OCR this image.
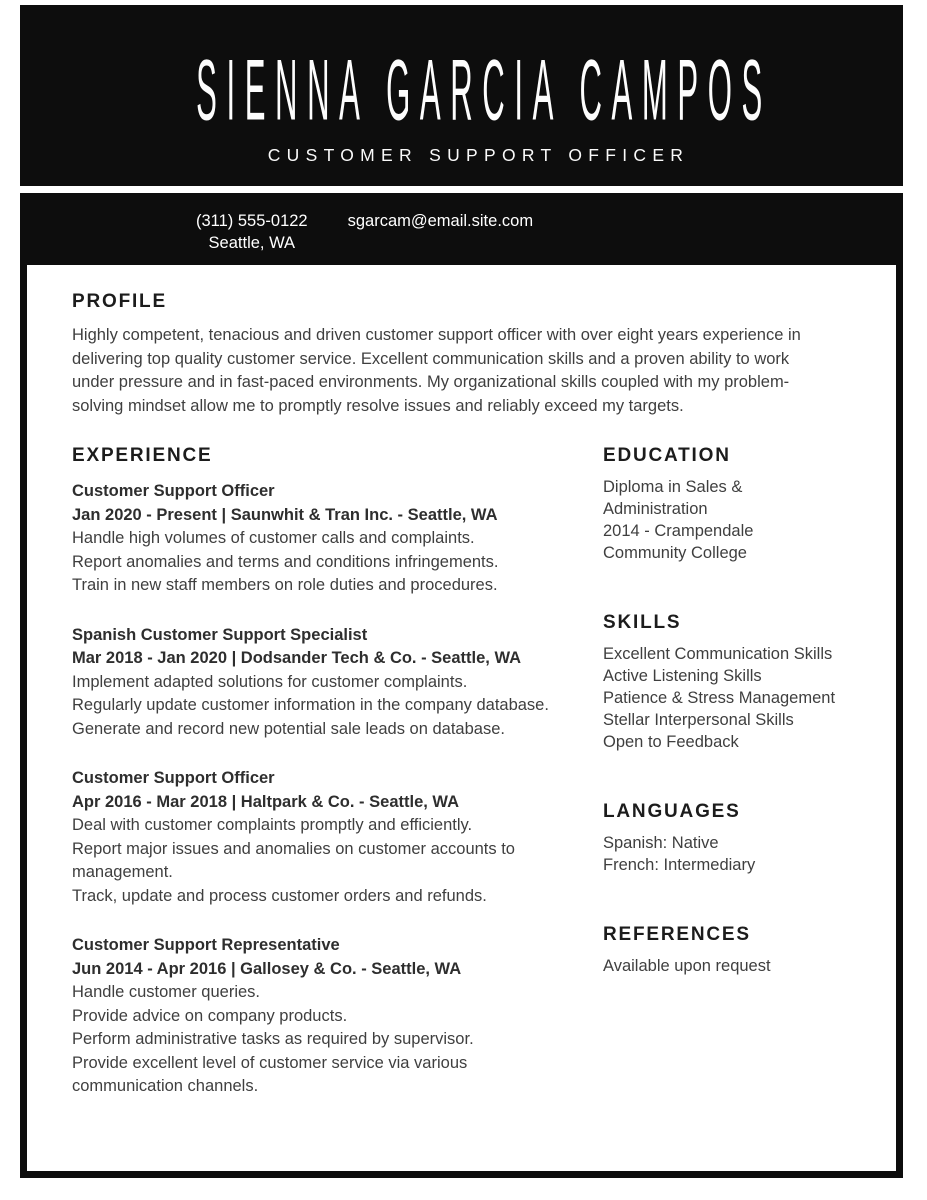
SIENNA GARCIA CAMPOS
CUSTOMER SUPPORT OFFICER
(311) 555-0122
Seattle, WA
sgarcam@email.site.com
PROFILE

Highly competent, tenacious and driven customer support officer with over eight years experience in delivering top quality customer service. Excellent communication skills and a proven ability to work under pressure and in fast-paced environments. My organizational skills coupled with my problem-solving mindset allow me to promptly resolve issues and reliably exceed my targets.

EXPERIENCE
Customer Support Officer
Jan 2020 - Present | Saunwhit & Tran Inc. - Seattle, WA
Handle high volumes of customer calls and complaints.
Report anomalies and terms and conditions infringements.
Train in new staff members on role duties and procedures.
Spanish Customer Support Specialist
Mar 2018 - Jan 2020 | Dodsander Tech & Co. - Seattle, WA
Implement adapted solutions for customer complaints.
Regularly update customer information in the company database.
Generate and record new potential sale leads on database.
Customer Support Officer
Apr 2016 - Mar 2018 | Haltpark & Co. - Seattle, WA
Deal with customer complaints promptly and efficiently.
Report major issues and anomalies on customer accounts to management.
Track, update and process customer orders and refunds.
Customer Support Representative
Jun 2014 - Apr 2016 | Gallosey & Co. - Seattle, WA
Handle customer queries.
Provide advice on company products.
Perform administrative tasks as required by supervisor.
Provide excellent level of customer service via various communication channels.
EDUCATION
Diploma in Sales &
Administration
2014 - Crampendale
Community College
SKILLS
Excellent Communication Skills
Active Listening Skills
Patience & Stress Management
Stellar Interpersonal Skills
Open to Feedback
LANGUAGES
Spanish: Native
French: Intermediary
REFERENCES
Available upon request
